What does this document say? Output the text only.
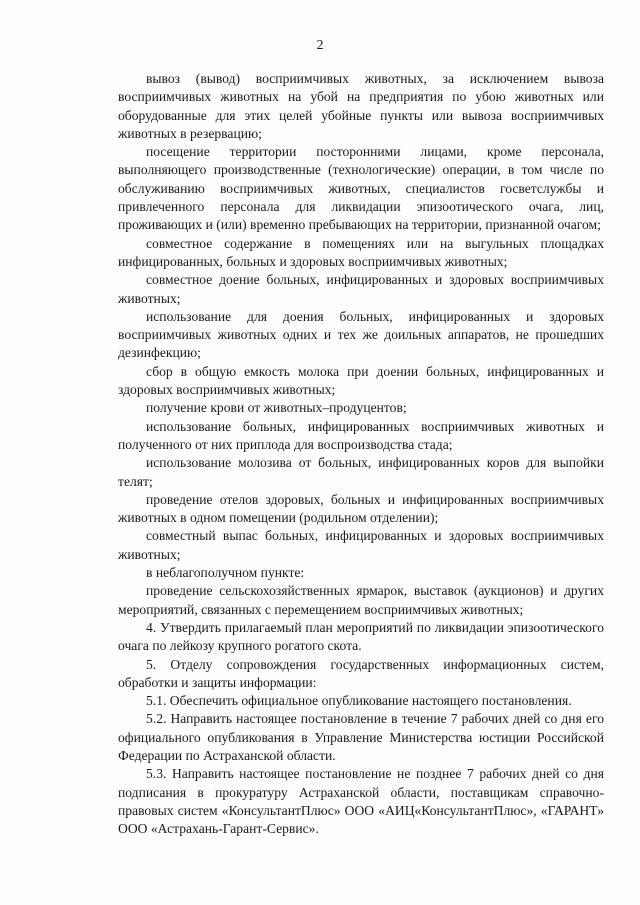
2

вывоз (вывод) восприимчивых животных, за исключением вывоза восприимчивых животных на убой на предприятия по убою животных или оборудованные для этих целей убойные пункты или вывоза восприимчивых животных в резервацию;

посещение территории посторонними лицами, кроме персонала, выполняющего производственные (технологические) операции, в том числе по обслуживанию восприимчивых животных, специалистов госветслужбы и привлеченного персонала для ликвидации эпизоотического очага, лиц, проживающих и (или) временно пребывающих на территории, признанной очагом;

совместное содержание в помещениях или на выгульных площадках инфицированных, больных и здоровых восприимчивых животных;

совместное доение больных, инфицированных и здоровых восприимчивых животных;

использование для доения больных, инфицированных и здоровых восприимчивых животных одних и тех же доильных аппаратов, не прошедших дезинфекцию;

сбор в общую емкость молока при доении больных, инфицированных и здоровых восприимчивых животных;

получение крови от животных–продуцентов;

использование больных, инфицированных восприимчивых животных и полученного от них приплода для воспроизводства стада;

использование молозива от больных, инфицированных коров для выпойки телят;

проведение отелов здоровых, больных и инфицированных восприимчивых животных в одном помещении (родильном отделении);

совместный выпас больных, инфицированных и здоровых восприимчивых животных;

в неблагополучном пункте:

проведение сельскохозяйственных ярмарок, выставок (аукционов) и других мероприятий, связанных с перемещением восприимчивых животных;

4. Утвердить прилагаемый план мероприятий по ликвидации эпизоотического очага по лейкозу крупного рогатого скота.

5. Отделу сопровождения государственных информационных систем, обработки и защиты информации:

5.1. Обеспечить официальное опубликование настоящего постановления.

5.2. Направить настоящее постановление в течение 7 рабочих дней со дня его официального опубликования в Управление Министерства юстиции Российской Федерации по Астраханской области.

5.3. Направить настоящее постановление не позднее 7 рабочих дней со дня подписания в прокуратуру Астраханской области, поставщикам справочно-правовых систем «КонсультантПлюс» ООО «АИЦ«КонсультантПлюс», «ГАРАНТ» ООО «Астрахань-Гарант-Сервис».
